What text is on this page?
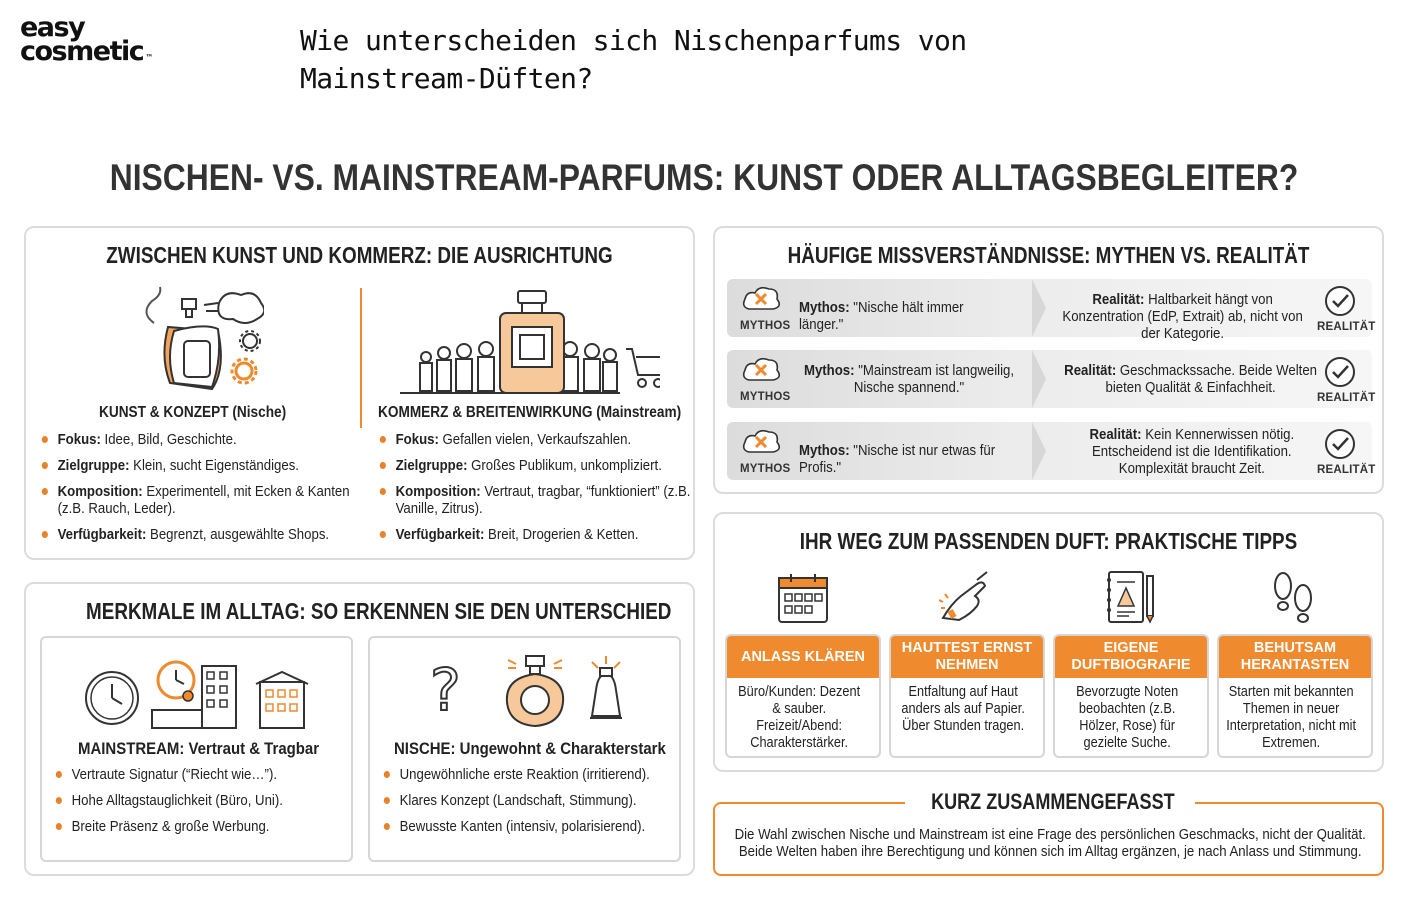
easy
cosmetic ™
Wie unterscheiden sich Nischenparfums von Mainstream-Düften?
NISCHEN- VS. MAINSTREAM-PARFUMS: KUNST ODER ALLTAGSBEGLEITER?
ZWISCHEN KUNST UND KOMMERZ: DIE AUSRICHTUNG
KUNST & KONZEPT (Nische)
Fokus: Idee, Bild, Geschichte.
Zielgruppe: Klein, sucht Eigenständiges.
Komposition: Experimentell, mit Ecken & Kanten (z.B. Rauch, Leder).
Verfügbarkeit: Begrenzt, ausgewählte Shops.
KOMMERZ & BREITENWIRKUNG (Mainstream)
Fokus: Gefallen vielen, Verkaufszahlen.
Zielgruppe: Großes Publikum, unkompliziert.
Komposition: Vertraut, tragbar, “funktioniert” (z.B. Vanille, Zitrus).
Verfügbarkeit: Breit, Drogerien & Ketten.
MERKMALE IM ALLTAG: SO ERKENNEN SIE DEN UNTERSCHIED
MAINSTREAM: Vertraut & Tragbar
Vertraute Signatur (“Riecht wie…”).
Hohe Alltagstauglichkeit (Büro, Uni).
Breite Präsenz & große Werbung.
?
NISCHE: Ungewohnt & Charakterstark
Ungewöhnliche erste Reaktion (irritierend).
Klares Konzept (Landschaft, Stimmung).
Bewusste Kanten (intensiv, polarisierend).
HÄUFIGE MISSVERSTÄNDNISSE: MYTHEN VS. REALITÄT
MYTHOS
Mythos: "Nische hält immer länger."
Realität: Haltbarkeit hängt von Konzentration (EdP, Extrait) ab, nicht von der Kategorie.	REALITÄT
MYTHOS
Mythos: "Mainstream ist langweilig, Nische spannend."
Realität: Geschmackssache. Beide Welten bieten Qualität & Einfachheit.
REALITÄT
MYTHOS
Mythos: "Nische ist nur etwas für Profis."
Realität: Kein Kennerwissen nötig. Entscheidend ist die Identifikation. Komplexität braucht Zeit.	REALITÄT
IHR WEG ZUM PASSENDEN DUFT: PRAKTISCHE TIPPS
ANLASS KLÄREN
Büro/Kunden: Dezent & sauber. Freizeit/Abend: Charakterstärker.
HAUTTEST ERNST NEHMEN
Entfaltung auf Haut anders als auf Papier. Über Stunden tragen.
EIGENE DUFTBIOGRAFIE
Bevorzugte Noten beobachten (z.B. Hölzer, Rose) für gezielte Suche.
BEHUTSAM HERANTASTEN
Starten mit bekannten Themen in neuer Interpretation, nicht mit Extremen.
KURZ ZUSAMMENGEFASST
Die Wahl zwischen Nische und Mainstream ist eine Frage des persönlichen Geschmacks, nicht der Qualität. Beide Welten haben ihre Berechtigung und können sich im Alltag ergänzen, je nach Anlass und Stimmung.
